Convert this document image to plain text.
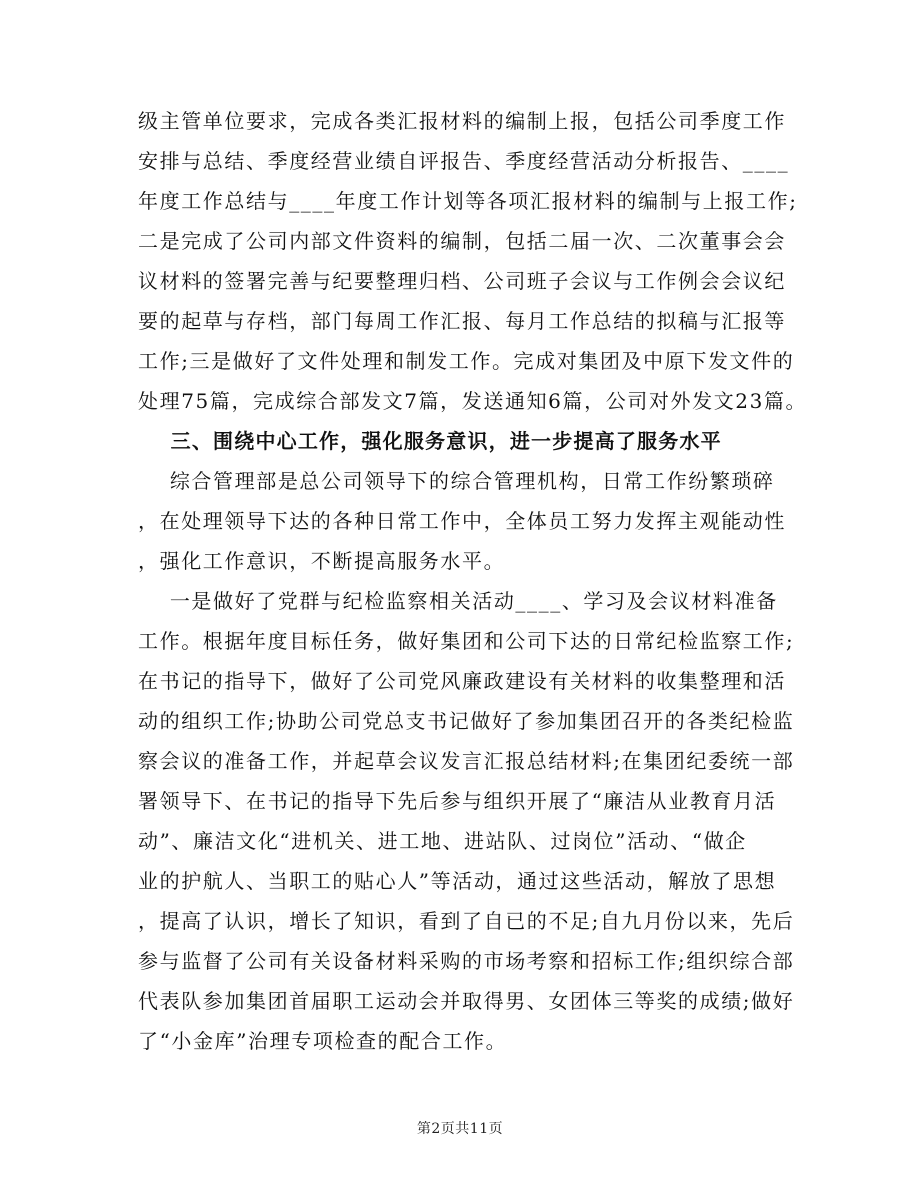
级主管单位要求，完成各类汇报材料的编制上报，包括公司季度工作
安排与总结、季度经营业绩自评报告、季度经营活动分析报告、____
年度工作总结与____年度工作计划等各项汇报材料的编制与上报工作;
二是完成了公司内部文件资料的编制，包括二届一次、二次董事会会
议材料的签署完善与纪要整理归档、公司班子会议与工作例会会议纪
要的起草与存档，部门每周工作汇报、每月工作总结的拟稿与汇报等
工作;三是做好了文件处理和制发工作。完成对集团及中原下发文件的
处理75篇，完成综合部发文7篇，发送通知6篇，公司对外发文23篇。
三、围绕中心工作，强化服务意识，进一步提高了服务水平
综合管理部是总公司领导下的综合管理机构，日常工作纷繁琐碎
，在处理领导下达的各种日常工作中，全体员工努力发挥主观能动性
，强化工作意识，不断提高服务水平。
一是做好了党群与纪检监察相关活动____、学习及会议材料准备
工作。根据年度目标任务，做好集团和公司下达的日常纪检监察工作;
在书记的指导下，做好了公司党风廉政建设有关材料的收集整理和活
动的组织工作;协助公司党总支书记做好了参加集团召开的各类纪检监
察会议的准备工作，并起草会议发言汇报总结材料;在集团纪委统一部
署领导下、在书记的指导下先后参与组织开展了“廉洁从业教育月活
动”、廉洁文化“进机关、进工地、进站队、过岗位”活动、“做企
业的护航人、当职工的贴心人”等活动，通过这些活动，解放了思想
，提高了认识，增长了知识，看到了自已的不足;自九月份以来，先后
参与监督了公司有关设备材料采购的市场考察和招标工作;组织综合部
代表队参加集团首届职工运动会并取得男、女团体三等奖的成绩;做好
了“小金库”治理专项检查的配合工作。
第2页共11页
